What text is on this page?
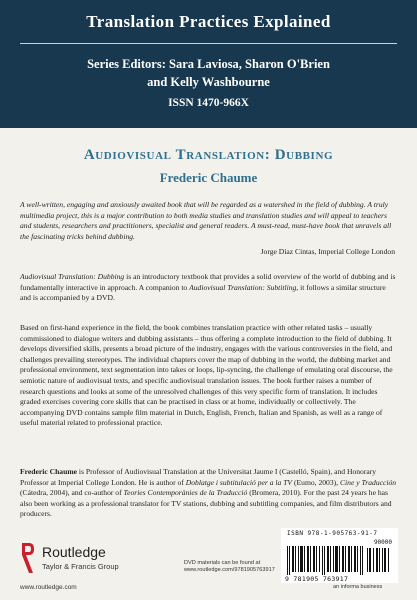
Translation Practices Explained
Series Editors: Sara Laviosa, Sharon O'Brien
and Kelly Washbourne
ISSN 1470-966X
Audiovisual Translation: Dubbing
Frederic Chaume
A well-written, engaging and anxiously awaited book that will be regarded as a watershed in the field of dubbing. A truly multimedia project, this is a major contribution to both media studies and translation studies and will appeal to teachers and students, researchers and practitioners, specialist and general readers. A must-read, must-have book that unravels all the fascinating tricks behind dubbing.
Jorge Díaz Cintas, Imperial College London

Audiovisual Translation: Dubbing is an introductory textbook that provides a solid overview of the world of dubbing and is fundamentally interactive in approach. A companion to Audiovisual Translation: Subtitling, it follows a similar structure and is accompanied by a DVD.

Based on first-hand experience in the field, the book combines translation practice with other related tasks – usually commissioned to dialogue writers and dubbing assistants – thus offering a complete introduction to the field of dubbing. It develops diversified skills, presents a broad picture of the industry, engages with the various controversies in the field, and challenges prevailing stereotypes. The individual chapters cover the map of dubbing in the world, the dubbing market and professional environment, text segmentation into takes or loops, lip-syncing, the challenge of emulating oral discourse, the semiotic nature of audiovisual texts, and specific audiovisual translation issues. The book further raises a number of research questions and looks at some of the unresolved challenges of this very specific form of translation. It includes graded exercises covering core skills that can be practised in class or at home, individually or collectively. The accompanying DVD contains sample film material in Dutch, English, French, Italian and Spanish, as well as a range of useful material related to professional practice.

Frederic Chaume is Professor of Audiovisual Translation at the Universitat Jaume I (Castelló, Spain), and Honorary Professor at Imperial College London. He is author of Doblatge i subtitulació per a la TV (Eumo, 2003), Cine y Traducción (Cátedra, 2004), and co-author of Teories Contemporànies de la Traducció (Bromera, 2010). For the past 24 years he has also been working as a professional translator for TV stations, dubbing and subtitling companies, and film distributors and producers.

Routledge
Taylor & Francis Group
www.routledge.com
DVD materials can be found at
www.routledge.com/9781905763917
ISBN 978-1-905763-91-7
90000
9 781905 763917
an informa business
